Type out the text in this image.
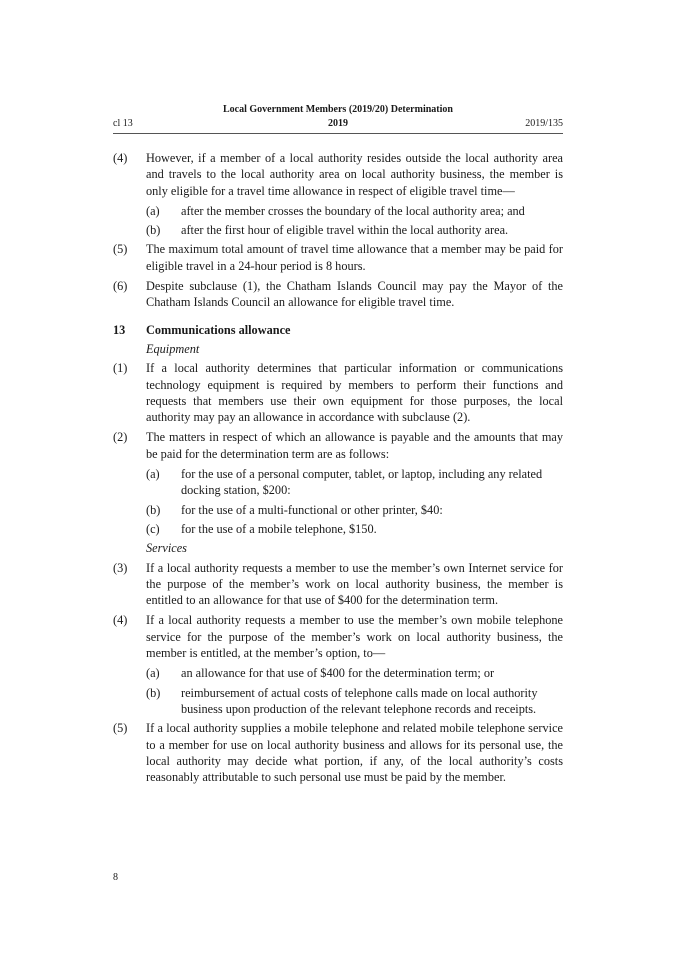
Local Government Members (2019/20) Determination
cl 13	2019	2019/135
(4) However, if a member of a local authority resides outside the local authority area and travels to the local authority area on local authority business, the member is only eligible for a travel time allowance in respect of eligible travel time—
(a) after the member crosses the boundary of the local authority area; and
(b) after the first hour of eligible travel within the local authority area.
(5) The maximum total amount of travel time allowance that a member may be paid for eligible travel in a 24-hour period is 8 hours.
(6) Despite subclause (1), the Chatham Islands Council may pay the Mayor of the Chatham Islands Council an allowance for eligible travel time.
13 Communications allowance
Equipment
(1) If a local authority determines that particular information or communications technology equipment is required by members to perform their functions and requests that members use their own equipment for those purposes, the local authority may pay an allowance in accordance with subclause (2).
(2) The matters in respect of which an allowance is payable and the amounts that may be paid for the determination term are as follows:
(a) for the use of a personal computer, tablet, or laptop, including any related docking station, $200:
(b) for the use of a multi-functional or other printer, $40:
(c) for the use of a mobile telephone, $150.
Services
(3) If a local authority requests a member to use the member’s own Internet service for the purpose of the member’s work on local authority business, the member is entitled to an allowance for that use of $400 for the determination term.
(4) If a local authority requests a member to use the member’s own mobile telephone service for the purpose of the member’s work on local authority business, the member is entitled, at the member’s option, to—
(a) an allowance for that use of $400 for the determination term; or
(b) reimbursement of actual costs of telephone calls made on local authority business upon production of the relevant telephone records and receipts.
(5) If a local authority supplies a mobile telephone and related mobile telephone service to a member for use on local authority business and allows for its personal use, the local authority may decide what portion, if any, of the local authority’s costs reasonably attributable to such personal use must be paid by the member.
8
